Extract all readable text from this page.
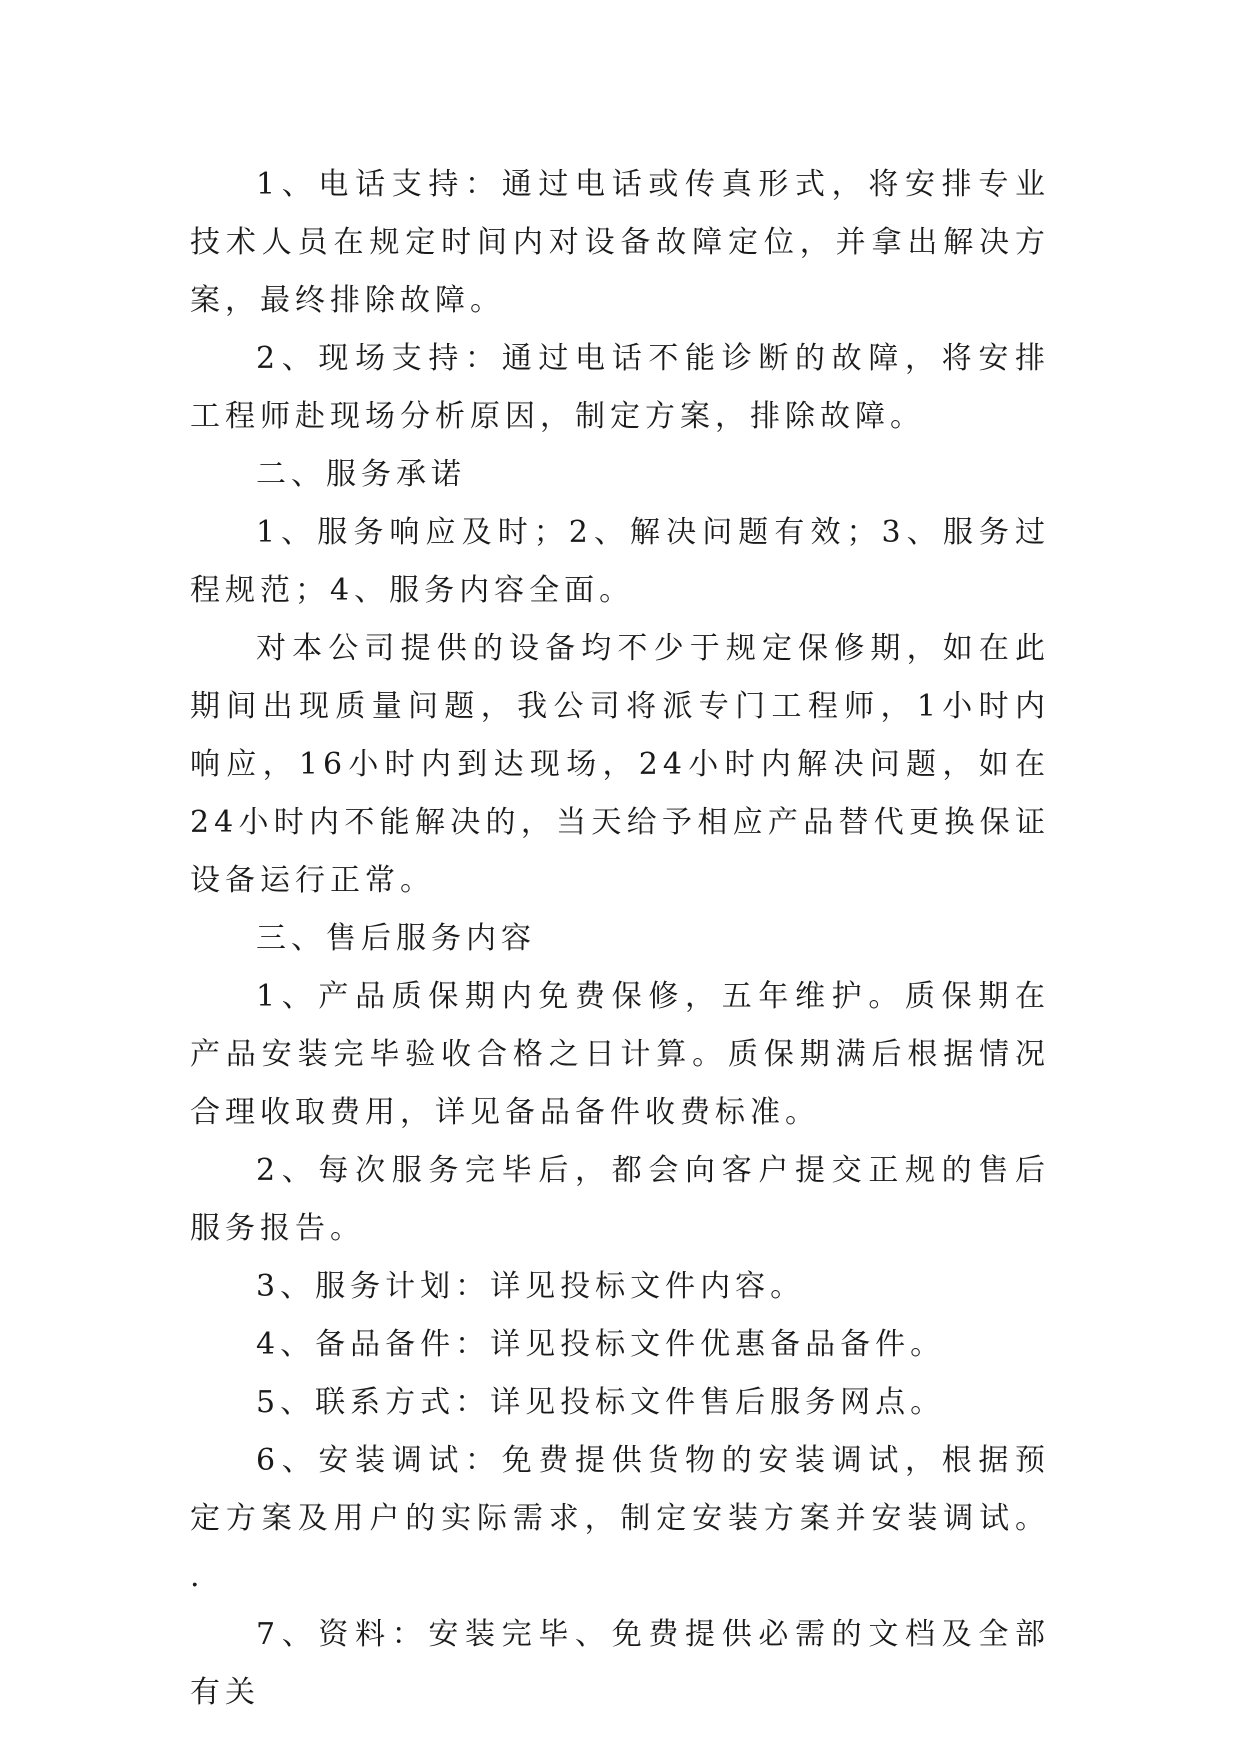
1、电话支持：通过电话或传真形式，将安排专业技术人员在规定时间内对设备故障定位，并拿出解决方案，最终排除故障。

2、现场支持：通过电话不能诊断的故障，将安排工程师赴现场分析原因，制定方案，排除故障。

二、服务承诺

1、服务响应及时；2、解决问题有效；3、服务过程规范；4、服务内容全面。

对本公司提供的设备均不少于规定保修期，如在此期间出现质量问题，我公司将派专门工程师，1小时内响应，16小时内到达现场，24小时内解决问题，如在24小时内不能解决的，当天给予相应产品替代更换保证设备运行正常。

三、售后服务内容

1、产品质保期内免费保修，五年维护。质保期在产品安装完毕验收合格之日计算。质保期满后根据情况合理收取费用，详见备品备件收费标准。

2、每次服务完毕后，都会向客户提交正规的售后服务报告。

3、服务计划：详见投标文件内容。

4、备品备件：详见投标文件优惠备品备件。

5、联系方式：详见投标文件售后服务网点。

6、安装调试：免费提供货物的安装调试，根据预定方案及用户的实际需求，制定安装方案并安装调试。 .

7、资料：安装完毕、免费提供必需的文档及全部有关
